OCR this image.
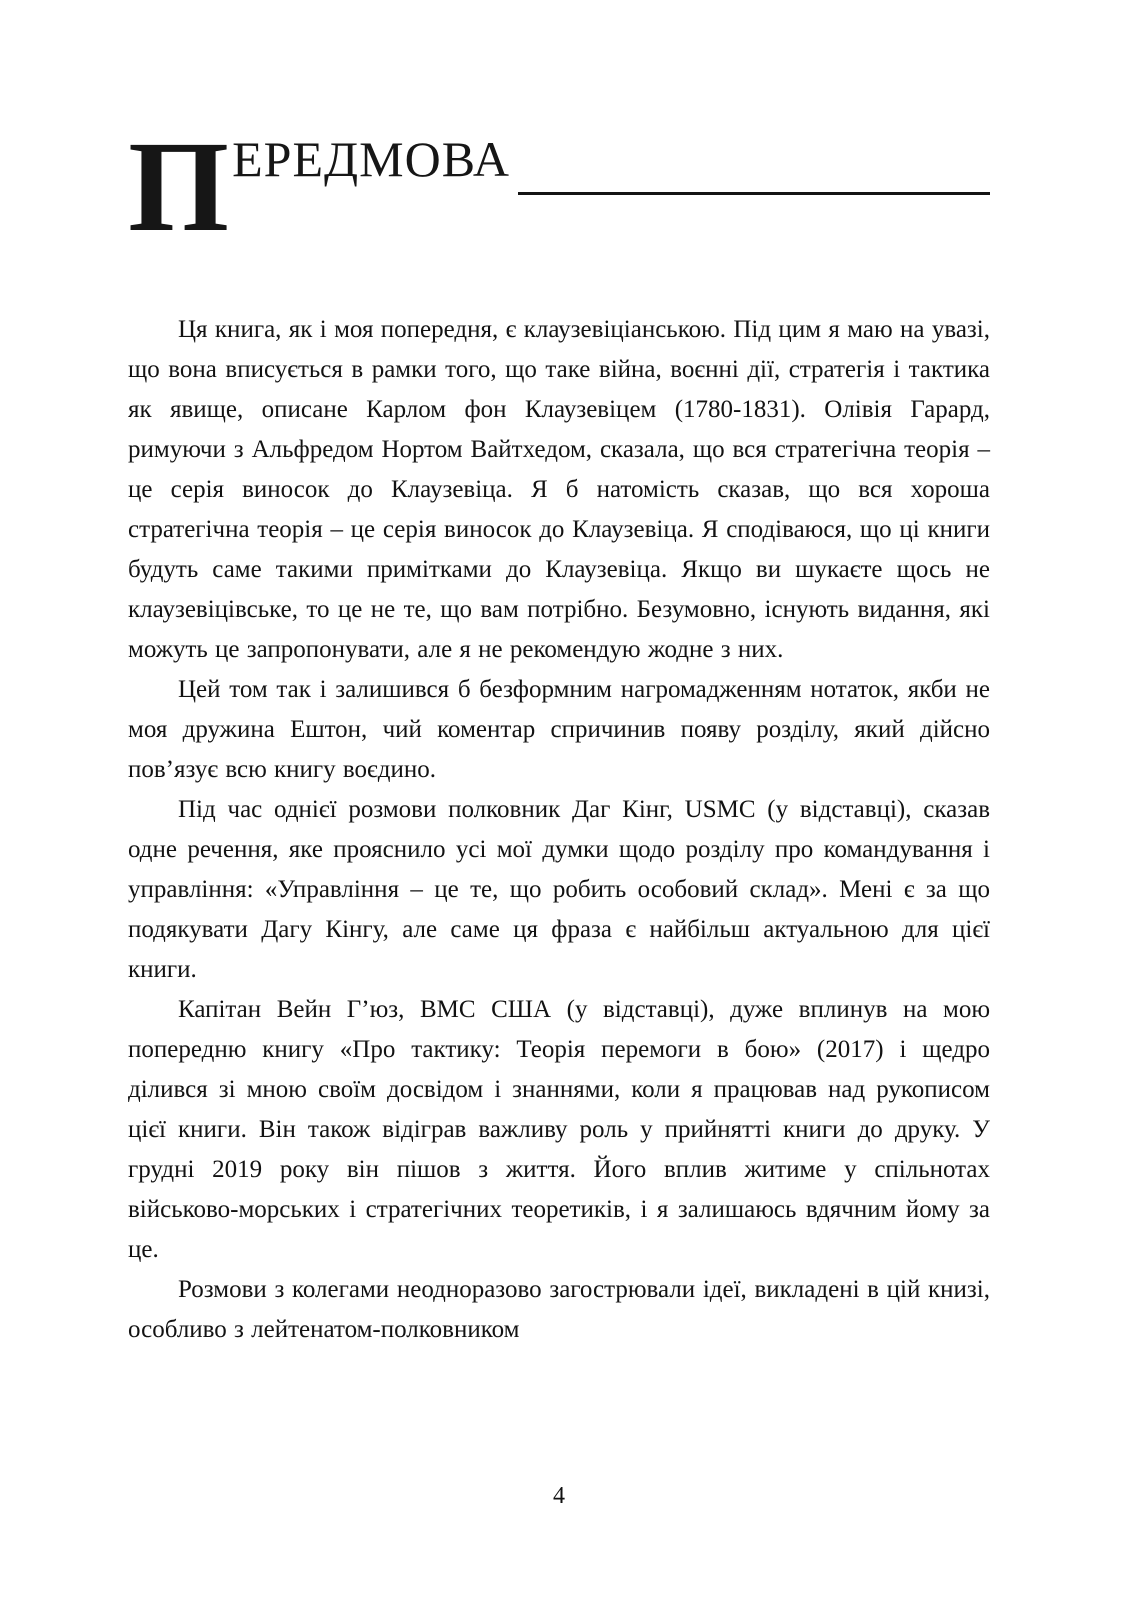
П ЕРЕДМОВА

Ця книга, як і моя попередня, є клаузевіціанською. Під цим я маю на увазі, що вона вписується в рамки того, що таке війна, воєнні дії, стратегія і тактика як явище, описане Карлом фон Клаузевіцем (1780-1831). Олівія Гарард, римуючи з Альфредом Нортом Вайтхедом, сказала, що вся стратегічна теорія – це серія виносок до Клаузевіца. Я б натомість сказав, що вся хороша стратегічна теорія – це серія виносок до Клаузевіца. Я сподіваюся, що ці книги будуть саме такими примітками до Клаузевіца. Якщо ви шукаєте щось не клаузевіцівське, то це не те, що вам потрібно. Безумовно, існують видання, які можуть це запропонувати, але я не рекомендую жодне з них.

Цей том так і залишився б безформним нагромадженням нотаток, якби не моя дружина Ештон, чий коментар спричинив появу розділу, який дійсно пов’язує всю книгу воєдино.

Під час однієї розмови полковник Даг Кінг, USMC (у відставці), сказав одне речення, яке прояснило усі мої думки щодо розділу про командування і управління: «Управління – це те, що робить особовий склад». Мені є за що подякувати Дагу Кінгу, але саме ця фраза є найбільш актуальною для цієї книги.

Капітан Вейн Г’юз, ВМС США (у відставці), дуже вплинув на мою попередню книгу «Про тактику: Теорія перемоги в бою» (2017) і щедро ділився зі мною своїм досвідом і знаннями, коли я працював над рукописом цієї книги. Він також відіграв важливу роль у прийнятті книги до друку. У грудні 2019 року він пішов з життя. Його вплив житиме у спільнотах військово-морських і стратегічних теоретиків, і я залишаюсь вдячним йому за це.

Розмови з колегами неодноразово загострювали ідеї, викладені в цій книзі, особливо з лейтенатом-полковником

4
